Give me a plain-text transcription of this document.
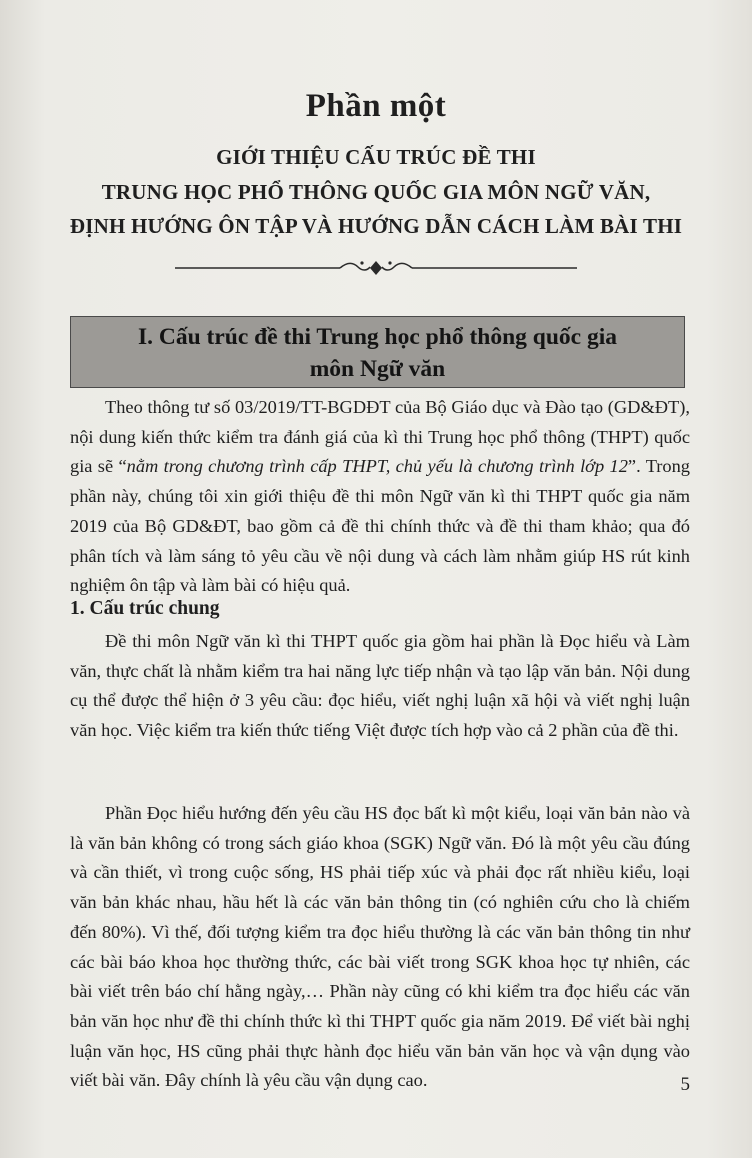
Phần một
GIỚI THIỆU CẤU TRÚC ĐỀ THI
TRUNG HỌC PHỔ THÔNG QUỐC GIA MÔN NGỮ VĂN,
ĐỊNH HƯỚNG ÔN TẬP VÀ HƯỚNG DẪN CÁCH LÀM BÀI THI
I. Cấu trúc đề thi Trung học phổ thông quốc gia
môn Ngữ văn

Theo thông tư số 03/2019/TT-BGDĐT của Bộ Giáo dục và Đào tạo (GD&ĐT), nội dung kiến thức kiểm tra đánh giá của kì thi Trung học phổ thông (THPT) quốc gia sẽ “nằm trong chương trình cấp THPT, chủ yếu là chương trình lớp 12”. Trong phần này, chúng tôi xin giới thiệu đề thi môn Ngữ văn kì thi THPT quốc gia năm 2019 của Bộ GD&ĐT, bao gồm cả đề thi chính thức và đề thi tham khảo; qua đó phân tích và làm sáng tỏ yêu cầu về nội dung và cách làm nhằm giúp HS rút kinh nghiệm ôn tập và làm bài có hiệu quả.

1. Cấu trúc chung

Đề thi môn Ngữ văn kì thi THPT quốc gia gồm hai phần là Đọc hiểu và Làm văn, thực chất là nhằm kiểm tra hai năng lực tiếp nhận và tạo lập văn bản. Nội dung cụ thể được thể hiện ở 3 yêu cầu: đọc hiểu, viết nghị luận xã hội và viết nghị luận văn học. Việc kiểm tra kiến thức tiếng Việt được tích hợp vào cả 2 phần của đề thi.

Phần Đọc hiểu hướng đến yêu cầu HS đọc bất kì một kiểu, loại văn bản nào và là văn bản không có trong sách giáo khoa (SGK) Ngữ văn. Đó là một yêu cầu đúng và cần thiết, vì trong cuộc sống, HS phải tiếp xúc và phải đọc rất nhiều kiểu, loại văn bản khác nhau, hầu hết là các văn bản thông tin (có nghiên cứu cho là chiếm đến 80%). Vì thế, đối tượng kiểm tra đọc hiểu thường là các văn bản thông tin như các bài báo khoa học thường thức, các bài viết trong SGK khoa học tự nhiên, các bài viết trên báo chí hằng ngày,… Phần này cũng có khi kiểm tra đọc hiểu các văn bản văn học như đề thi chính thức kì thi THPT quốc gia năm 2019. Để viết bài nghị luận văn học, HS cũng phải thực hành đọc hiểu văn bản văn học và vận dụng vào viết bài văn. Đây chính là yêu cầu vận dụng cao.	5
